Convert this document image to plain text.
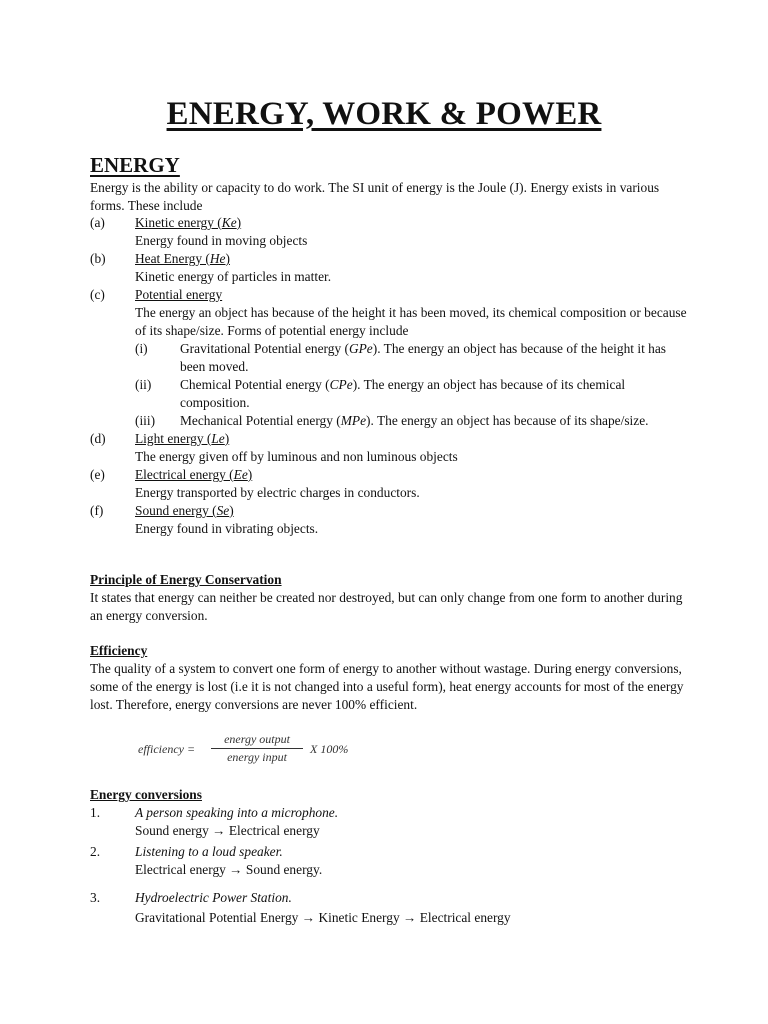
ENERGY, WORK & POWER
ENERGY

Energy is the ability or capacity to do work. The SI unit of energy is the Joule (J). Energy exists in various forms. These include

(a) Kinetic energy (Ke)
Energy found in moving objects
(b) Heat Energy (He)
Kinetic energy of particles in matter.
(c) Potential energy
The energy an object has because of the height it has been moved, its chemical composition or because of its shape/size. Forms of potential energy include
(i) Gravitational Potential energy (GPe). The energy an object has because of the height it has been moved.
(ii) Chemical Potential energy (CPe). The energy an object has because of its chemical composition.
(iii) Mechanical Potential energy (MPe). The energy an object has because of its shape/size.
(d) Light energy (Le)
The energy given off by luminous and non luminous objects
(e) Electrical energy (Ee)
Energy transported by electric charges in conductors.
(f) Sound energy (Se)
Energy found in vibrating objects.
Principle of Energy Conservation

It states that energy can neither be created nor destroyed, but can only change from one form to another during an energy conversion.

Efficiency

The quality of a system to convert one form of energy to another without wastage. During energy conversions, some of the energy is lost (i.e it is not changed into a useful form), heat energy accounts for most of the energy lost. Therefore, energy conversions are never 100% efficient.

efficiency =
energy output
energy input
X 100%
Energy conversions
1.	A person speaking into a microphone.
Sound energy → Electrical energy
2.	Listening to a loud speaker.
Electrical energy → Sound energy.
3.	Hydroelectric Power Station.
Gravitational Potential Energy → Kinetic Energy → Electrical energy
